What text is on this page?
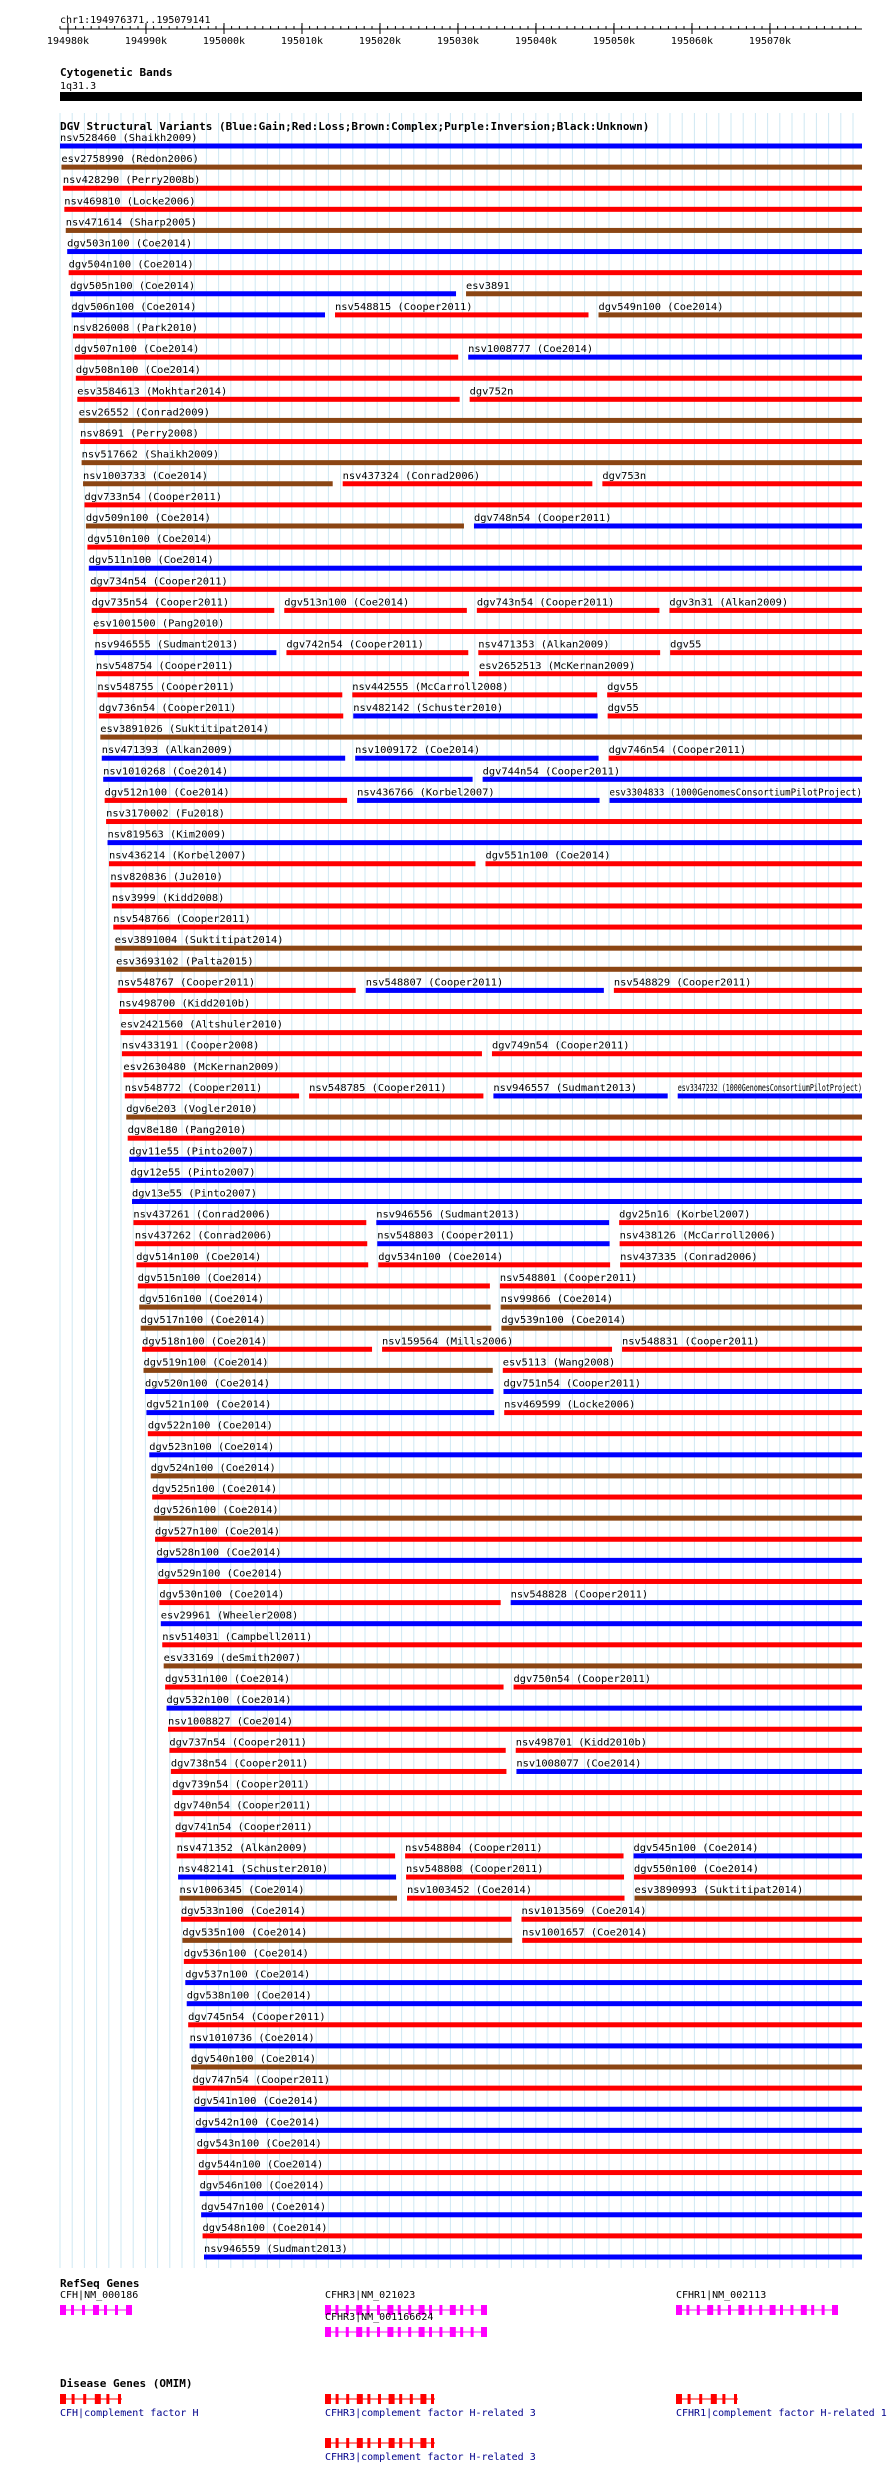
chr1:194976371..195079141
194980k	194990k	195000k	195010k	195020k	195030k	195040k	195050k	195060k	195070k
Cytogenetic Bands
1q31.3
DGV Structural Variants (Blue:Gain;Red:Loss;Brown:Complex;Purple:Inversion;Black:Unknown)
nsv528460 (Shaikh2009)
esv2758990 (Redon2006)
nsv428290 (Perry2008b)
nsv469810 (Locke2006)
nsv471614 (Sharp2005)
dgv503n100 (Coe2014)
dgv504n100 (Coe2014)
dgv505n100 (Coe2014)	esv3891
dgv506n100 (Coe2014)	nsv548815 (Cooper2011)	dgv549n100 (Coe2014)
nsv826008 (Park2010)
dgv507n100 (Coe2014)	nsv1008777 (Coe2014)
dgv508n100 (Coe2014)
esv3584613 (Mokhtar2014)	dgv752n
esv26552 (Conrad2009)
nsv8691 (Perry2008)
nsv517662 (Shaikh2009)
nsv1003733 (Coe2014)	nsv437324 (Conrad2006)	dgv753n
dgv733n54 (Cooper2011)
dgv509n100 (Coe2014)	dgv748n54 (Cooper2011)
dgv510n100 (Coe2014)
dgv511n100 (Coe2014)
dgv734n54 (Cooper2011)
dgv735n54 (Cooper2011)	dgv513n100 (Coe2014)	dgv743n54 (Cooper2011)	dgv3n31 (Alkan2009)
esv1001500 (Pang2010)
nsv946555 (Sudmant2013)	dgv742n54 (Cooper2011)	nsv471353 (Alkan2009)	dgv55
nsv548754 (Cooper2011)	esv2652513 (McKernan2009)
nsv548755 (Cooper2011)	nsv442555 (McCarroll2008)	dgv55
dgv736n54 (Cooper2011)	nsv482142 (Schuster2010)	dgv55
esv3891026 (Suktitipat2014)
nsv471393 (Alkan2009)	nsv1009172 (Coe2014)	dgv746n54 (Cooper2011)
nsv1010268 (Coe2014)	dgv744n54 (Cooper2011)
dgv512n100 (Coe2014)	nsv436766 (Korbel2007)	esv3304833 (1000GenomesConsortiumPilotProject)
nsv3170002 (Fu2018)
nsv819563 (Kim2009)
nsv436214 (Korbel2007)	dgv551n100 (Coe2014)
nsv820836 (Ju2010)
nsv3999 (Kidd2008)
nsv548766 (Cooper2011)
esv3891004 (Suktitipat2014)
esv3693102 (Palta2015)
nsv548767 (Cooper2011)	nsv548807 (Cooper2011)	nsv548829 (Cooper2011)
nsv498700 (Kidd2010b)
esv2421560 (Altshuler2010)
nsv433191 (Cooper2008)	dgv749n54 (Cooper2011)
esv2630480 (McKernan2009)
nsv548772 (Cooper2011)	nsv548785 (Cooper2011)	nsv946557 (Sudmant2013)	esv3347232 (1000GenomesConsortiumPilotProject)
dgv6e203 (Vogler2010)
dgv8e180 (Pang2010)
dgv11e55 (Pinto2007)
dgv12e55 (Pinto2007)
dgv13e55 (Pinto2007)
nsv437261 (Conrad2006)	nsv946556 (Sudmant2013)	dgv25n16 (Korbel2007)
nsv437262 (Conrad2006)	nsv548803 (Cooper2011)	nsv438126 (McCarroll2006)
dgv514n100 (Coe2014)	dgv534n100 (Coe2014)	nsv437335 (Conrad2006)
dgv515n100 (Coe2014)	nsv548801 (Cooper2011)
dgv516n100 (Coe2014)	nsv99866 (Coe2014)
dgv517n100 (Coe2014)	dgv539n100 (Coe2014)
dgv518n100 (Coe2014)	nsv159564 (Mills2006)	nsv548831 (Cooper2011)
dgv519n100 (Coe2014)	esv5113 (Wang2008)
dgv520n100 (Coe2014)	dgv751n54 (Cooper2011)
dgv521n100 (Coe2014)	nsv469599 (Locke2006)
dgv522n100 (Coe2014)
dgv523n100 (Coe2014)
dgv524n100 (Coe2014)
dgv525n100 (Coe2014)
dgv526n100 (Coe2014)
dgv527n100 (Coe2014)
dgv528n100 (Coe2014)
dgv529n100 (Coe2014)
dgv530n100 (Coe2014)	nsv548828 (Cooper2011)
esv29961 (Wheeler2008)
nsv514031 (Campbell2011)
esv33169 (deSmith2007)
dgv531n100 (Coe2014)	dgv750n54 (Cooper2011)
dgv532n100 (Coe2014)
nsv1008827 (Coe2014)
dgv737n54 (Cooper2011)	nsv498701 (Kidd2010b)
dgv738n54 (Cooper2011)	nsv1008077 (Coe2014)
dgv739n54 (Cooper2011)
dgv740n54 (Cooper2011)
dgv741n54 (Cooper2011)
nsv471352 (Alkan2009)	nsv548804 (Cooper2011)	dgv545n100 (Coe2014)
nsv482141 (Schuster2010)	nsv548808 (Cooper2011)	dgv550n100 (Coe2014)
nsv1006345 (Coe2014)	nsv1003452 (Coe2014)	esv3890993 (Suktitipat2014)
dgv533n100 (Coe2014)	nsv1013569 (Coe2014)
dgv535n100 (Coe2014)	nsv1001657 (Coe2014)
dgv536n100 (Coe2014)
dgv537n100 (Coe2014)
dgv538n100 (Coe2014)
dgv745n54 (Cooper2011)
nsv1010736 (Coe2014)
dgv540n100 (Coe2014)
dgv747n54 (Cooper2011)
dgv541n100 (Coe2014)
dgv542n100 (Coe2014)
dgv543n100 (Coe2014)
dgv544n100 (Coe2014)
dgv546n100 (Coe2014)
dgv547n100 (Coe2014)
dgv548n100 (Coe2014)
nsv946559 (Sudmant2013)
RefSeq Genes
CFH|NM_000186	CFHR3|NM_021023
CFHR3|NM_001166624
CFHR1|NM_002113
Disease Genes (OMIM)
CFH|complement factor H	CFHR3|complement factor H-related 3
CFHR3|complement factor H-related 3
CFHR1|complement factor H-related 1
